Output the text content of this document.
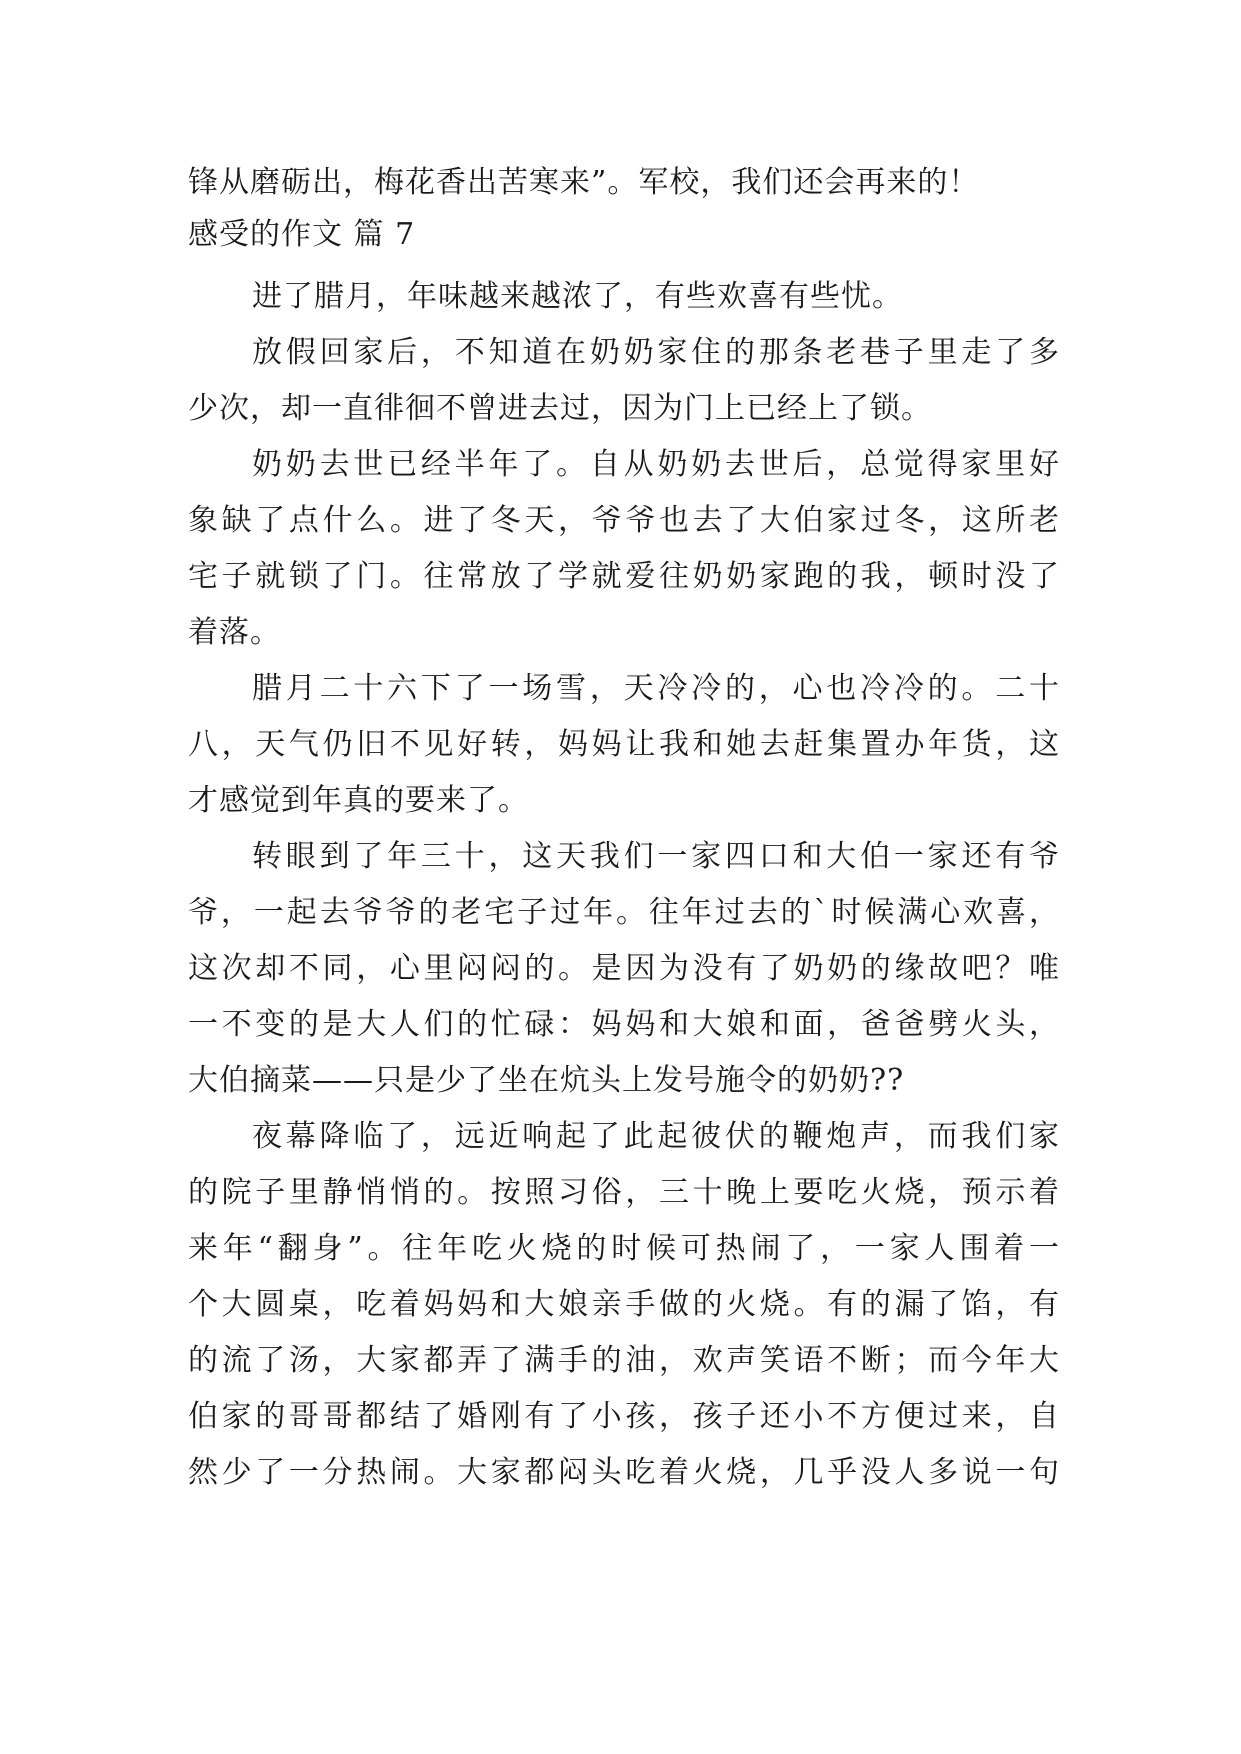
锋从磨砺出，梅花香出苦寒来”。军校，我们还会再来的！
感受的作文 篇 7
进了腊月，年味越来越浓了，有些欢喜有些忧。
放假回家后，不知道在奶奶家住的那条老巷子里走了多
少次，却一直徘徊不曾进去过，因为门上已经上了锁。
奶奶去世已经半年了。自从奶奶去世后，总觉得家里好
象缺了点什么。进了冬天，爷爷也去了大伯家过冬，这所老
宅子就锁了门。往常放了学就爱往奶奶家跑的我，顿时没了
着落。
腊月二十六下了一场雪，天冷冷的，心也冷冷的。二十
八，天气仍旧不见好转，妈妈让我和她去赶集置办年货，这
才感觉到年真的要来了。
转眼到了年三十，这天我们一家四口和大伯一家还有爷
爷，一起去爷爷的老宅子过年。往年过去的`时候满心欢喜，
这次却不同，心里闷闷的。是因为没有了奶奶的缘故吧？唯
一不变的是大人们的忙碌：妈妈和大娘和面，爸爸劈火头，
大伯摘菜——只是少了坐在炕头上发号施令的奶奶??
夜幕降临了，远近响起了此起彼伏的鞭炮声，而我们家
的院子里静悄悄的。按照习俗，三十晚上要吃火烧，预示着
来年“翻身”。往年吃火烧的时候可热闹了，一家人围着一
个大圆桌，吃着妈妈和大娘亲手做的火烧。有的漏了馅，有
的流了汤，大家都弄了满手的油，欢声笑语不断；而今年大
伯家的哥哥都结了婚刚有了小孩，孩子还小不方便过来，自
然少了一分热闹。大家都闷头吃着火烧，几乎没人多说一句
